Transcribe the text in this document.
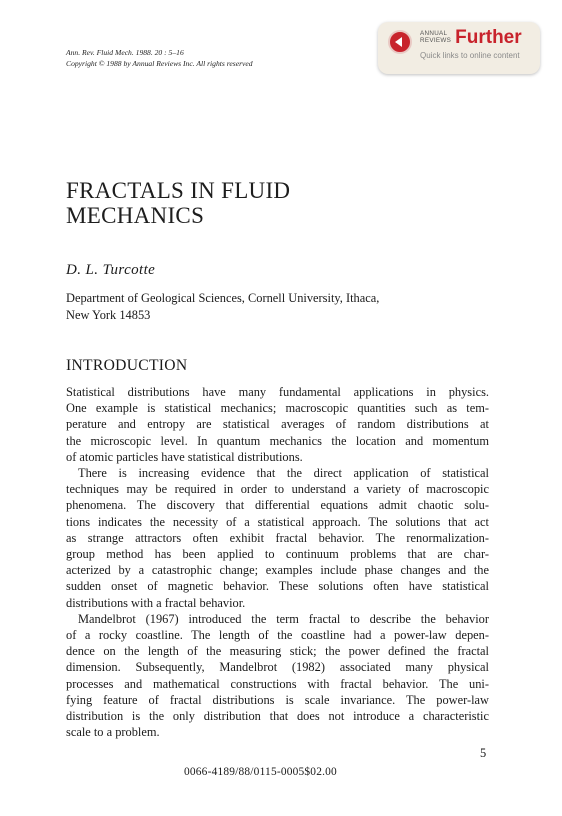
Ann. Rev. Fluid Mech. 1988. 20 : 5–16
Copyright © 1988 by Annual Reviews Inc. All rights reserved
ANNUAL
REVIEWS Further
Quick links to online content
FRACTALS IN FLUID
MECHANICS
D. L. Turcotte
Department of Geological Sciences, Cornell University, Ithaca,
New York 14853
INTRODUCTION
Statistical distributions have many fundamental applications in physics.
One example is statistical mechanics; macroscopic quantities such as tem-
perature and entropy are statistical averages of random distributions at
the microscopic level. In quantum mechanics the location and momentum
of atomic particles have statistical distributions.
There is increasing evidence that the direct application of statistical
techniques may be required in order to understand a variety of macroscopic
phenomena. The discovery that differential equations admit chaotic solu-
tions indicates the necessity of a statistical approach. The solutions that act
as strange attractors often exhibit fractal behavior. The renormalization-
group method has been applied to continuum problems that are char-
acterized by a catastrophic change; examples include phase changes and the
sudden onset of magnetic behavior. These solutions often have statistical
distributions with a fractal behavior.
Mandelbrot (1967) introduced the term fractal to describe the behavior
of a rocky coastline. The length of the coastline had a power-law depen-
dence on the length of the measuring stick; the power defined the fractal
dimension. Subsequently, Mandelbrot (1982) associated many physical
processes and mathematical constructions with fractal behavior. The uni-
fying feature of fractal distributions is scale invariance. The power-law
distribution is the only distribution that does not introduce a characteristic
scale to a problem.
5
0066-4189/88/0115-0005$02.00
